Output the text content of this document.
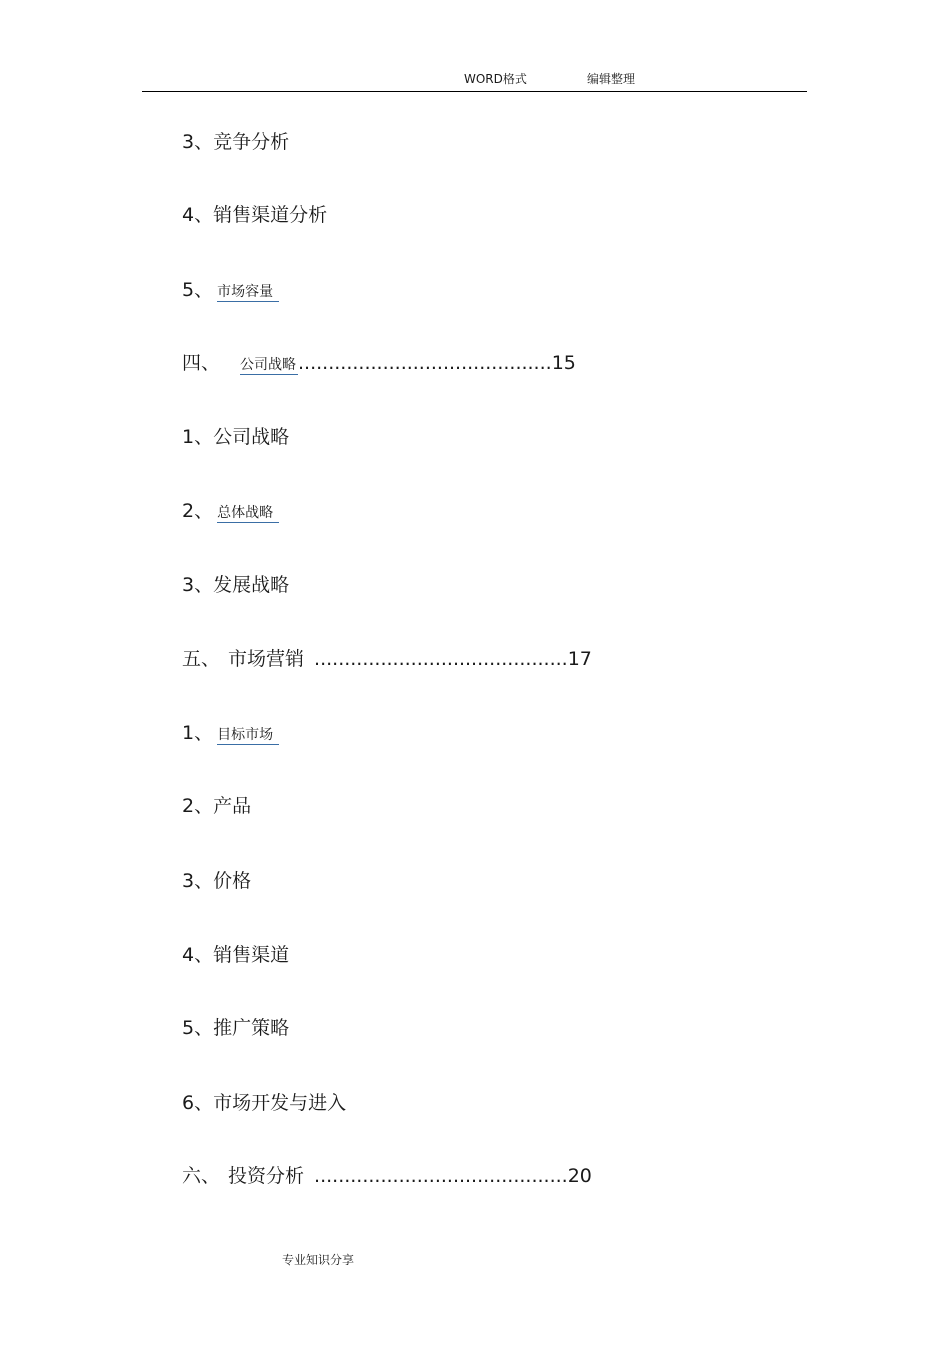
WORD格式	编辑整理
3、竞争分析
4、销售渠道分析
5、 市场容量
四、 公司战略 ..........................................15
1、公司战略
2、 总体战略
3、发展战略
五、 市场营销 ..........................................17
1、 目标市场
2、产品
3、价格
4、销售渠道
5、推广策略
6、市场开发与进入
六、 投资分析 ..........................................20
专业知识分享
